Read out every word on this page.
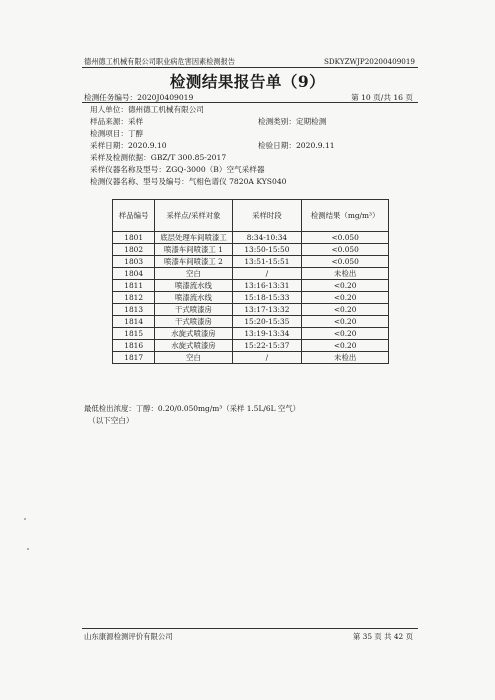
德州德工机械有限公司职业病危害因素检测报告	SDKYZWJP20200409019
检测结果报告单（9）
检测任务编号：2020J0409019	第 10 页/共 16 页
用人单位：德州德工机械有限公司
样品来源：采样	检测类别：定期检测
检测项目：丁醇
采样日期：2020.9.10	检验日期：2020.9.11
采样及检测依据：GBZ/T 300.85-2017
采样仪器名称及型号：ZGQ-3000（B）空气采样器
检测仪器名称、型号及编号：气相色谱仪 7820A KYS040
样品编号	采样点/采样对象	采样时段	检测结果（mg/m³）
1801	底层处理车间喷漆工	8:34-10:34	<0.050
1802	喷漆车间喷漆工 1	13:50-15:50	<0.050
1803	喷漆车间喷漆工 2	13:51-15:51	<0.050
1804	空白	/	未检出
1811	喷漆流水线	13:16-13:31	<0.20
1812	喷漆流水线	15:18-15:33	<0.20
1813	干式喷漆房	13:17-13:32	<0.20
1814	干式喷漆房	15:20-15:35	<0.20
1815	水旋式喷漆房	13:19-13:34	<0.20
1816	水旋式喷漆房	15:22-15:37	<0.20
1817	空白	/	未检出
最低检出浓度：丁醇：0.20/0.050mg/m³（采样 1.5L/6L 空气）
（以下空白）
山东康源检测评价有限公司	第 35 页 共 42 页
